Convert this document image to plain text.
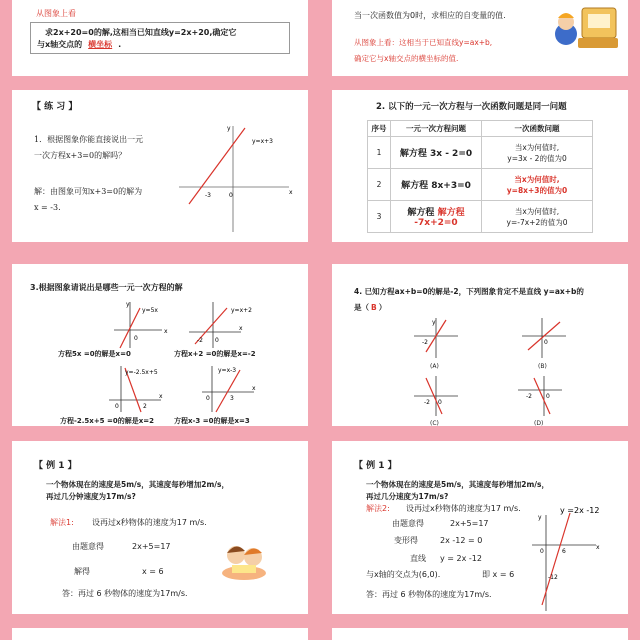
从图象上看
求2x+20=0的解,这相当已知直线y=2x+20,确定它
与x轴交点的 横坐标 .
当一次函数值为0时，求相应的自变量的值.
从图象上看：这相当于已知直线y=ax+b,
确定它与x轴交点的横坐标的值.
【 练 习 】
1．根据图象你能直接说出一元
一次方程x+3=0的解吗？
解：由图象可知x+3=0的解为
x = -3.
y
x
y=x+3
0
-3
2. 以下的一元一次方程与一次函数问题是同一问题
序号	一元一次方程问题	一次函数问题
1	解方程 3x - 2=0	当x为何值时,
y=3x - 2的值为0

2	解方程 8x+3=0	当x为何值时,
y=8x+3的值为0

3	解方程 解方程 -7x+2=0	当x为何值时,
y=-7x+2的值为0
3.根据图象请说出是哪些一元一次方程的解
y=5x
0
x
y
y=x+2
-2 0
x
方程5x =0的解是x=0	方程x+2 =0的解是x=-2
y=-2.5x+5
0	2
x
y=x-3
0	3
x
方程-2.5x+5 =0的解是x=2	方程x-3 =0的解是x=3
4. 已知方程ax+b=0的解是-2，下列图象肯定不是直线 y=ax+b的
是（ B ）
-2
y
(A)
0
(B)
-2 0
(C)
-2 0
(D)
【 例 1 】
一个物体现在的速度是5m/s，其速度每秒增加2m/s，
再过几分钟速度为17m/s?
解法1: 设再过x秒物体的速度为17 m/s.
由题意得	2x+5=17
解得	x = 6
答：再过 6 秒物体的速度为17m/s.
【 例 1 】
一个物体现在的速度是5m/s，其速度每秒增加2m/s，
再过几分速度为17m/s?
解法2: 设再过x秒物体的速度为17 m/s.
由题意得	2x+5=17
变形得	2x -12 = 0
直线 y = 2x -12
与x轴的交点为(6,0).	即 x = 6
答：再过 6 秒物体的速度为17m/s.
y =2x -12
0	6
-12
x
y
